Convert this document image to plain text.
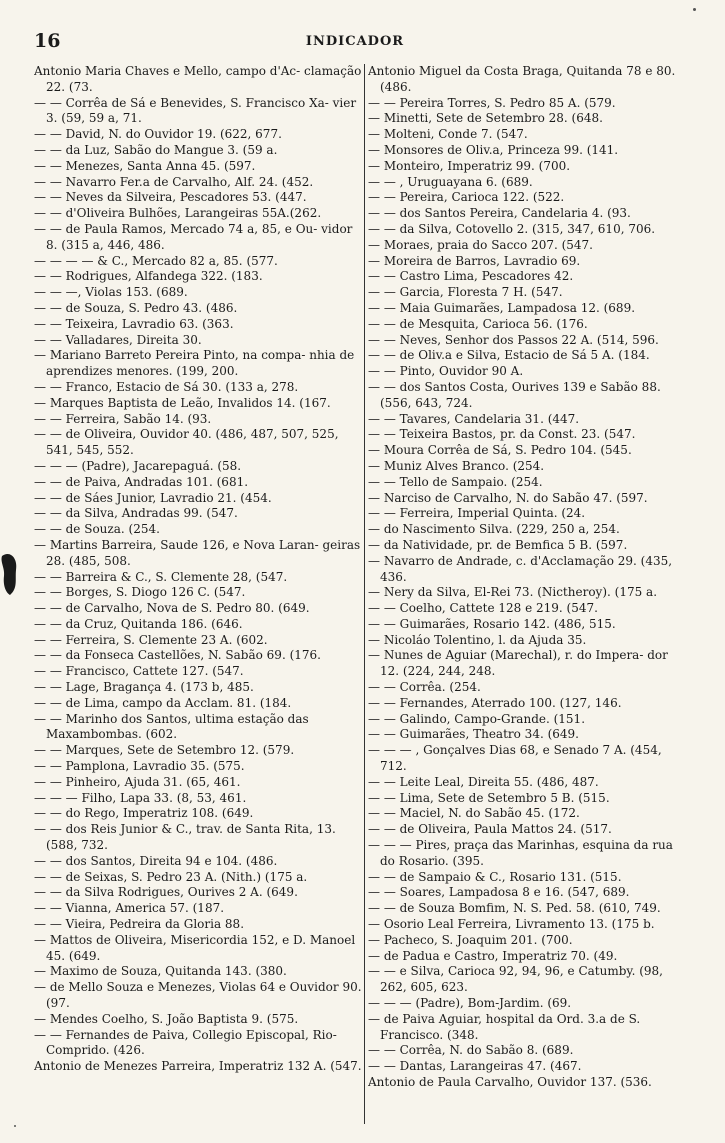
16	INDICADOR
Antonio Maria Chaves e Mello, campo d'Ac- clamação 22. (73.
— — Corrêa de Sá e Benevides, S. Francisco Xa- vier 3. (59, 59 a, 71.
— — David, N. do Ouvidor 19. (622, 677.
— — da Luz, Sabão do Mangue 3. (59 a.
— — Menezes, Santa Anna 45. (597.
— — Navarro Fer.a de Carvalho, Alf. 24. (452.
— — Neves da Silveira, Pescadores 53. (447.
— — d'Oliveira Bulhões, Larangeiras 55A.(262.
— — de Paula Ramos, Mercado 74 a, 85, e Ou- vidor 8. (315 a, 446, 486.
— — — — & C., Mercado 82 a, 85. (577.
— — Rodrigues, Alfandega 322. (183.
— — —, Violas 153. (689.
— — de Souza, S. Pedro 43. (486.
— — Teixeira, Lavradio 63. (363.
— — Valladares, Direita 30.
— Mariano Barreto Pereira Pinto, na compa- nhia de aprendizes menores. (199, 200.
— — Franco, Estacio de Sá 30. (133 a, 278.
— Marques Baptista de Leão, Invalidos 14. (167.
— — Ferreira, Sabão 14. (93.
— — de Oliveira, Ouvidor 40. (486, 487, 507, 525, 541, 545, 552.
— — — (Padre), Jacarepaguá. (58.
— — de Paiva, Andradas 101. (681.
— — de Sáes Junior, Lavradio 21. (454.
— — da Silva, Andradas 99. (547.
— — de Souza. (254.
— Martins Barreira, Saude 126, e Nova Laran- geiras 28. (485, 508.
— — Barreira & C., S. Clemente 28, (547.
— — Borges, S. Diogo 126 C. (547.
— — de Carvalho, Nova de S. Pedro 80. (649.
— — da Cruz, Quitanda 186. (646.
— — Ferreira, S. Clemente 23 A. (602.
— — da Fonseca Castellões, N. Sabão 69. (176.
— — Francisco, Cattete 127. (547.
— — Lage, Bragança 4. (173 b, 485.
— — de Lima, campo da Acclam. 81. (184.
— — Marinho dos Santos, ultima estação das Maxambombas. (602.
— — Marques, Sete de Setembro 12. (579.
— — Pamplona, Lavradio 35. (575.
— — Pinheiro, Ajuda 31. (65, 461.
— — — Filho, Lapa 33. (8, 53, 461.
— — do Rego, Imperatriz 108. (649.
— — dos Reis Junior & C., trav. de Santa Rita, 13. (588, 732.
— — dos Santos, Direita 94 e 104. (486.
— — de Seixas, S. Pedro 23 A. (Nith.) (175 a.
— — da Silva Rodrigues, Ourives 2 A. (649.
— — Vianna, America 57. (187.
— — Vieira, Pedreira da Gloria 88.
— Mattos de Oliveira, Misericordia 152, e D. Manoel 45. (649.
— Maximo de Souza, Quitanda 143. (380.
— de Mello Souza e Menezes, Violas 64 e Ouvidor 90. (97.
— Mendes Coelho, S. João Baptista 9. (575.
— — Fernandes de Paiva, Collegio Episcopal, Rio-Comprido. (426.
Antonio de Menezes Parreira, Imperatriz 132 A. (547.
Antonio Miguel da Costa Braga, Quitanda 78 e 80. (486.
— — Pereira Torres, S. Pedro 85 A. (579.
— Minetti, Sete de Setembro 28. (648.
— Molteni, Conde 7. (547.
— Monsores de Oliv.a, Princeza 99. (141.
— Monteiro, Imperatriz 99. (700.
— — , Uruguayana 6. (689.
— — Pereira, Carioca 122. (522.
— — dos Santos Pereira, Candelaria 4. (93.
— — da Silva, Cotovello 2. (315, 347, 610, 706.
— Moraes, praia do Sacco 207. (547.
— Moreira de Barros, Lavradio 69.
— — Castro Lima, Pescadores 42.
— — Garcia, Floresta 7 H. (547.
— — Maia Guimarães, Lampadosa 12. (689.
— — de Mesquita, Carioca 56. (176.
— — Neves, Senhor dos Passos 22 A. (514, 596.
— — de Oliv.a e Silva, Estacio de Sá 5 A. (184.
— — Pinto, Ouvidor 90 A.
— — dos Santos Costa, Ourives 139 e Sabão 88. (556, 643, 724.
— — Tavares, Candelaria 31. (447.
— — Teixeira Bastos, pr. da Const. 23. (547.
— Moura Corrêa de Sá, S. Pedro 104. (545.
— Muniz Alves Branco. (254.
— — Tello de Sampaio. (254.
— Narciso de Carvalho, N. do Sabão 47. (597.
— — Ferreira, Imperial Quinta. (24.
— do Nascimento Silva. (229, 250 a, 254.
— da Natividade, pr. de Bemfica 5 B. (597.
— Navarro de Andrade, c. d'Acclamação 29. (435, 436.
— Nery da Silva, El-Rei 73. (Nictheroy). (175 a.
— — Coelho, Cattete 128 e 219. (547.
— — Guimarães, Rosario 142. (486, 515.
— Nicoláo Tolentino, l. da Ajuda 35.
— Nunes de Aguiar (Marechal), r. do Impera- dor 12. (224, 244, 248.
— — Corrêa. (254.
— — Fernandes, Aterrado 100. (127, 146.
— — Galindo, Campo-Grande. (151.
— — Guimarães, Theatro 34. (649.
— — — , Gonçalves Dias 68, e Senado 7 A. (454, 712.
— — Leite Leal, Direita 55. (486, 487.
— — Lima, Sete de Setembro 5 B. (515.
— — Maciel, N. do Sabão 45. (172.
— — de Oliveira, Paula Mattos 24. (517.
— — — Pires, praça das Marinhas, esquina da rua do Rosario. (395.
— — de Sampaio & C., Rosario 131. (515.
— — Soares, Lampadosa 8 e 16. (547, 689.
— — de Souza Bomfim, N. S. Ped. 58. (610, 749.
— Osorio Leal Ferreira, Livramento 13. (175 b.
— Pacheco, S. Joaquim 201. (700.
— de Padua e Castro, Imperatriz 70. (49.
— — e Silva, Carioca 92, 94, 96, e Catumby. (98, 262, 605, 623.
— — — (Padre), Bom-Jardim. (69.
— de Paiva Aguiar, hospital da Ord. 3.a de S. Francisco. (348.
— — Corrêa, N. do Sabão 8. (689.
— — Dantas, Larangeiras 47. (467.
Antonio de Paula Carvalho, Ouvidor 137. (536.
